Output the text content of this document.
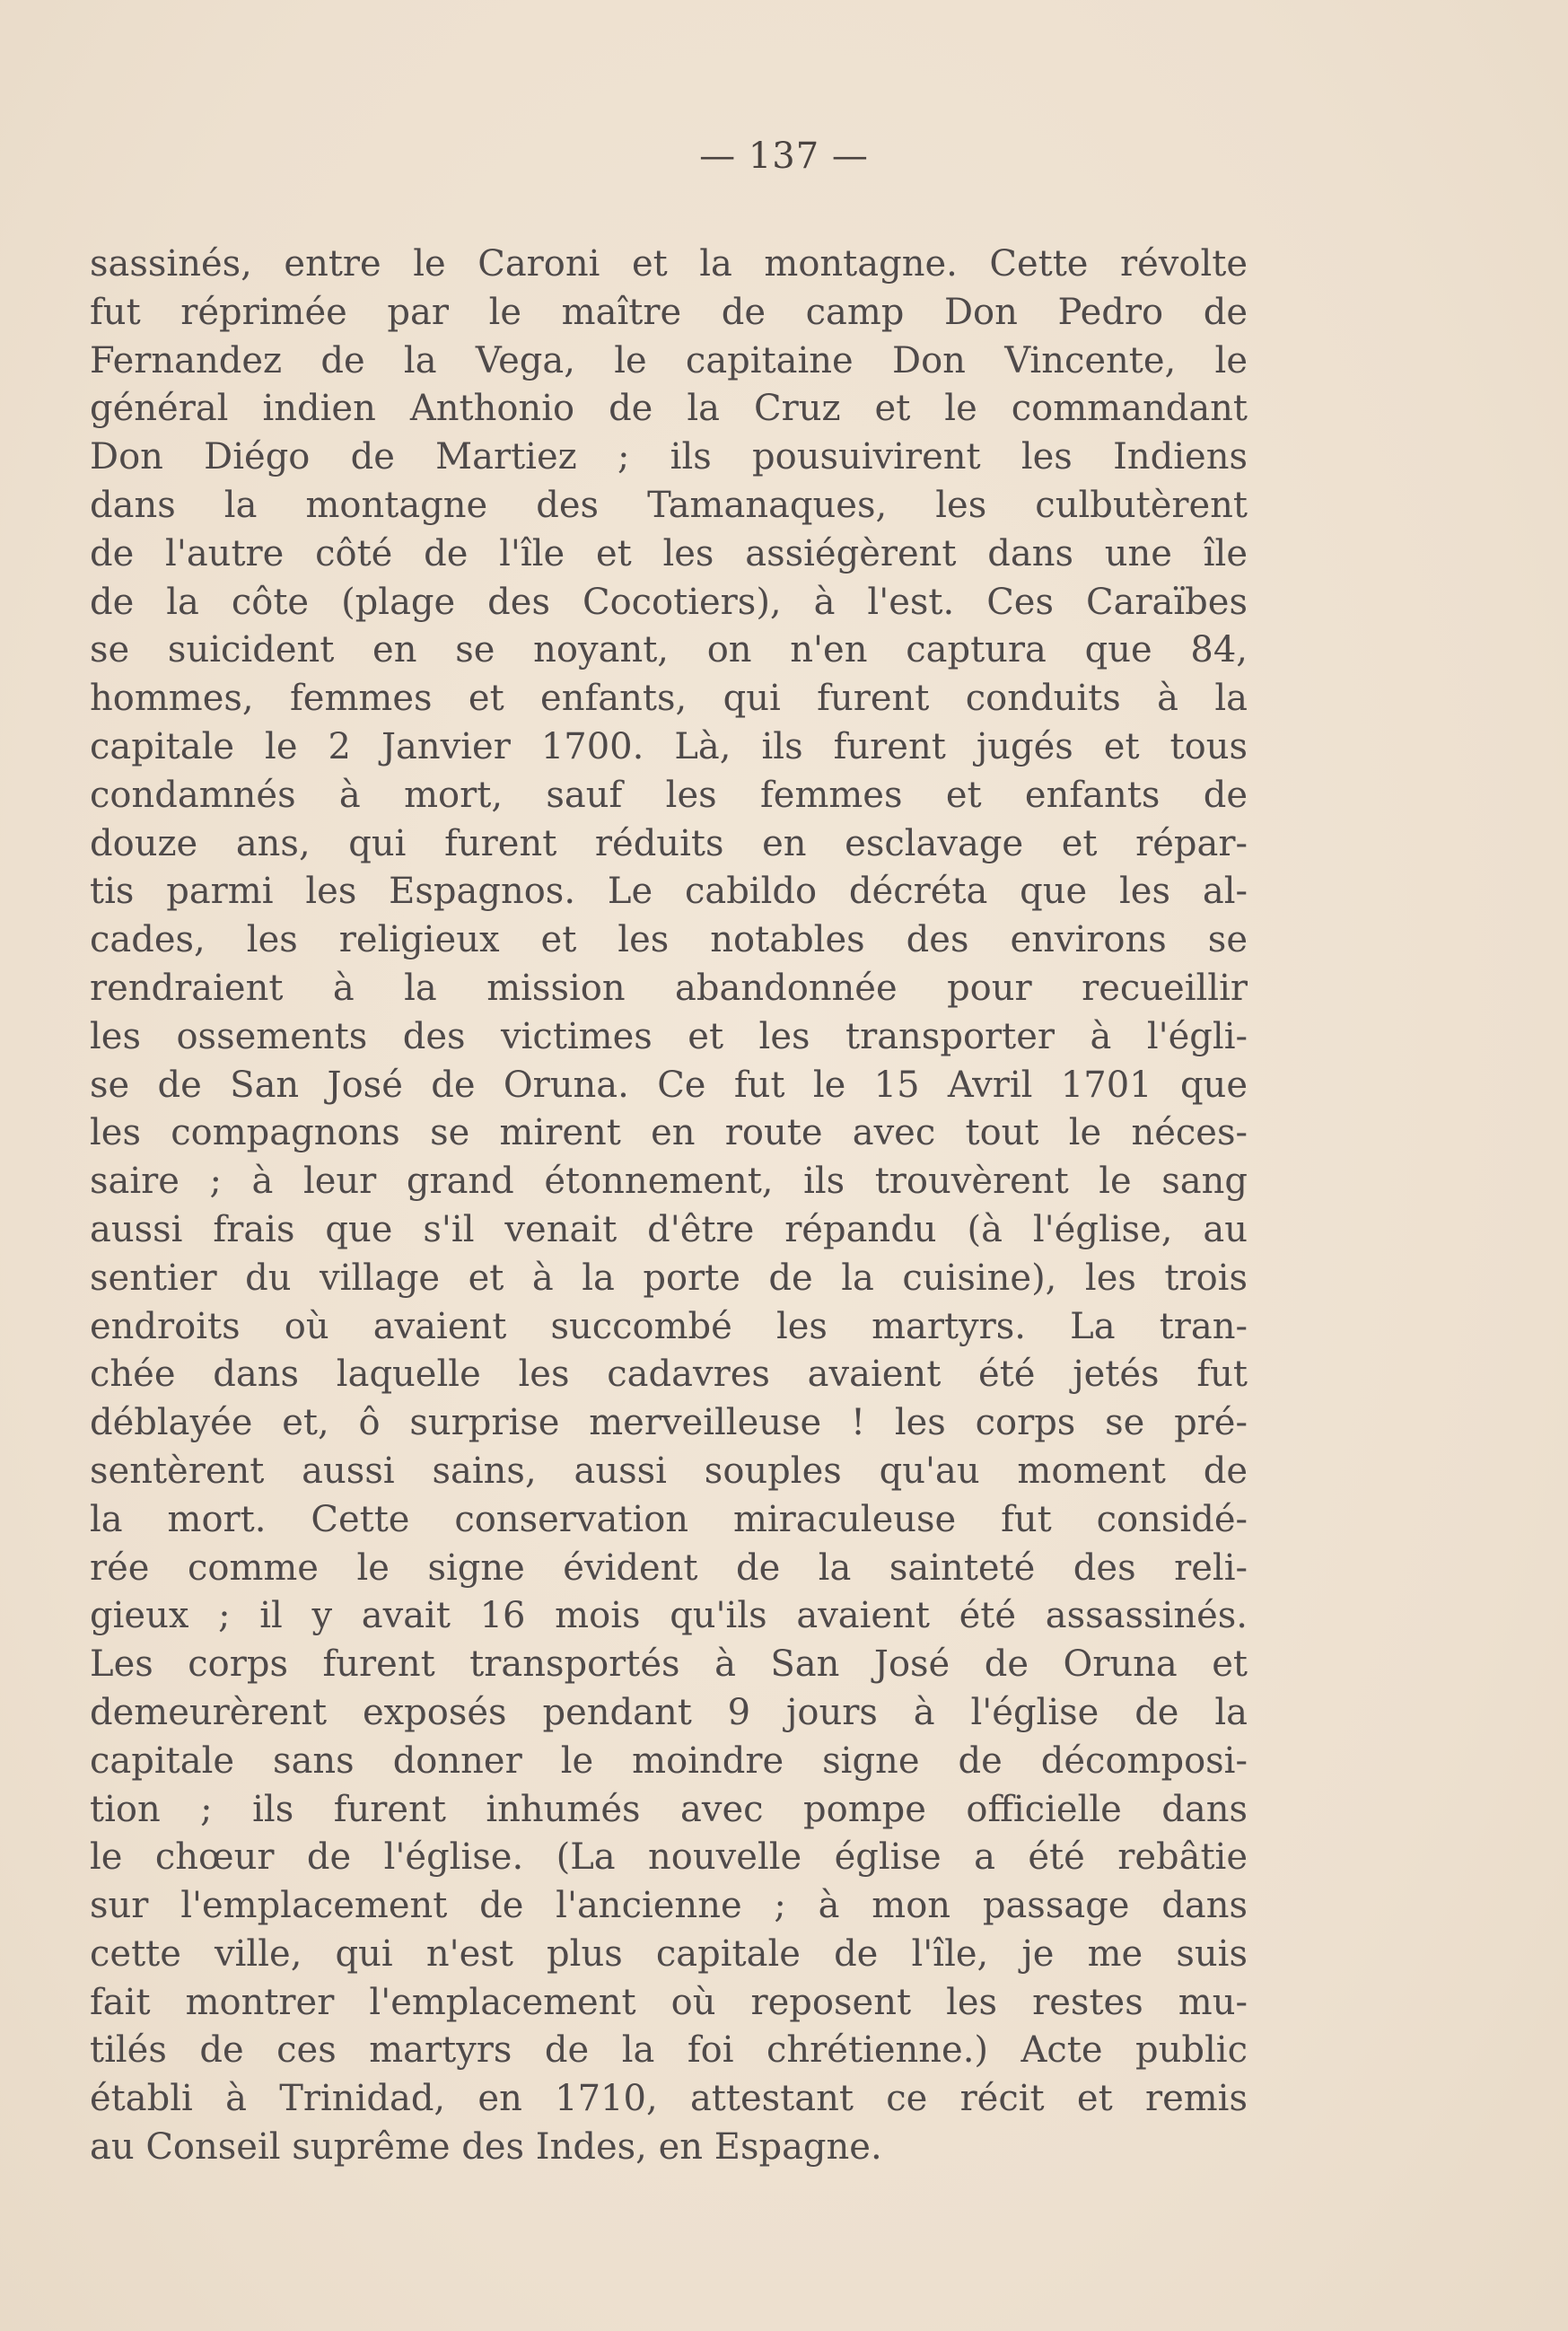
— 137 —
sassinés, entre le Caroni et la montagne. Cette révolte
fut réprimée par le maître de camp Don Pedro de
Fernandez de la Vega, le capitaine Don Vincente, le
général indien Anthonio de la Cruz et le commandant
Don Diégo de Martiez ; ils pousuivirent les Indiens
dans la montagne des Tamanaques, les culbutèrent
de l'autre côté de l'île et les assiégèrent dans une île
de la côte (plage des Cocotiers), à l'est. Ces Caraïbes
se suicident en se noyant, on n'en captura que 84,
hommes, femmes et enfants, qui furent conduits à la
capitale le 2 Janvier 1700. Là, ils furent jugés et tous
condamnés à mort, sauf les femmes et enfants de
douze ans, qui furent réduits en esclavage et répar-
tis parmi les Espagnos. Le cabildo décréta que les al-
cades, les religieux et les notables des environs se
rendraient à la mission abandonnée pour recueillir
les ossements des victimes et les transporter à l'égli-
se de San José de Oruna. Ce fut le 15 Avril 1701 que
les compagnons se mirent en route avec tout le néces-
saire ; à leur grand étonnement, ils trouvèrent le sang
aussi frais que s'il venait d'être répandu (à l'église, au
sentier du village et à la porte de la cuisine), les trois
endroits où avaient succombé les martyrs. La tran-
chée dans laquelle les cadavres avaient été jetés fut
déblayée et, ô surprise merveilleuse ! les corps se pré-
sentèrent aussi sains, aussi souples qu'au moment de
la mort. Cette conservation miraculeuse fut considé-
rée comme le signe évident de la sainteté des reli-
gieux ; il y avait 16 mois qu'ils avaient été assassinés.
Les corps furent transportés à San José de Oruna et
demeurèrent exposés pendant 9 jours à l'église de la
capitale sans donner le moindre signe de décomposi-
tion ; ils furent inhumés avec pompe officielle dans
le chœur de l'église. (La nouvelle église a été rebâtie
sur l'emplacement de l'ancienne ; à mon passage dans
cette ville, qui n'est plus capitale de l'île, je me suis
fait montrer l'emplacement où reposent les restes mu-
tilés de ces martyrs de la foi chrétienne.) Acte public
établi à Trinidad, en 1710, attestant ce récit et remis
au Conseil suprême des Indes, en Espagne.
